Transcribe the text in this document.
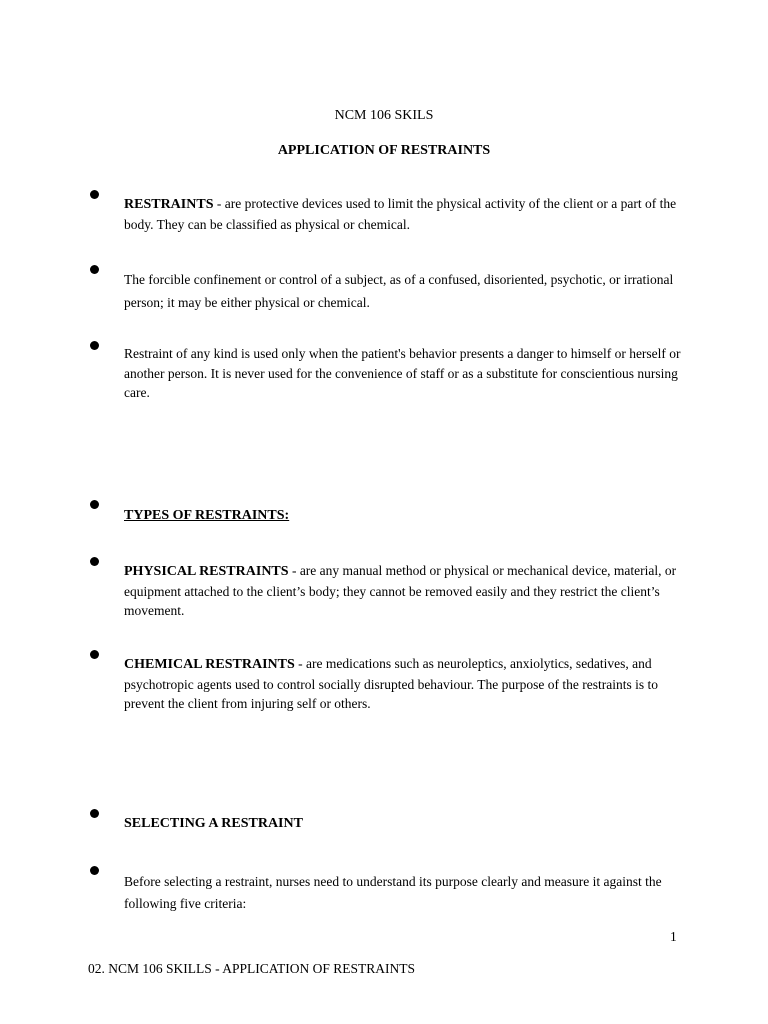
NCM 106 SKILS
APPLICATION OF RESTRAINTS
RESTRAINTS - are protective devices used to limit the physical activity of the client or a part of the body. They can be classified as physical or chemical.
The forcible confinement or control of a subject, as of a confused, disoriented, psychotic, or irrational person; it may be either physical or chemical.
Restraint of any kind is used only when the patient's behavior presents a danger to himself or herself or another person. It is never used for the convenience of staff or as a substitute for conscientious nursing care.
TYPES OF RESTRAINTS:
PHYSICAL RESTRAINTS - are any manual method or physical or mechanical device, material, or equipment attached to the client’s body; they cannot be removed easily and they restrict the client’s movement.
CHEMICAL RESTRAINTS - are medications such as neuroleptics, anxiolytics, sedatives, and psychotropic agents used to control socially disrupted behaviour. The purpose of the restraints is to prevent the client from injuring self or others.
SELECTING A RESTRAINT
Before selecting a restraint, nurses need to understand its purpose clearly and measure it against the following five criteria:
1
02. NCM 106 SKILLS - APPLICATION OF RESTRAINTS
